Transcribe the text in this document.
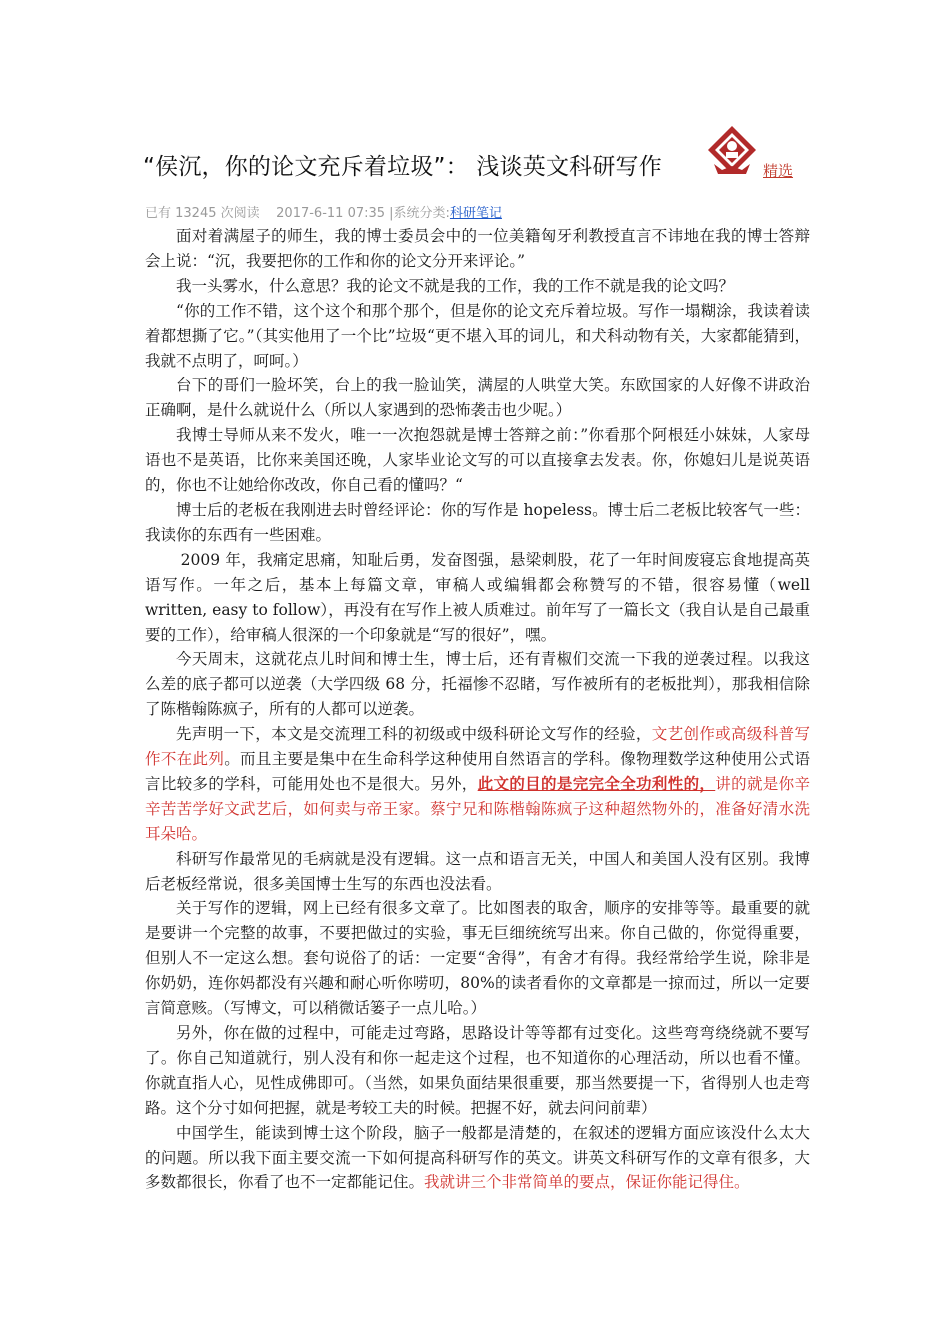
“侯沉，你的论文充斥着垃圾”： 浅谈英文科研写作	精选
已有 13245 次阅读 2017-6-11 07:35 |系统分类:科研笔记

面对着满屋子的师生，我的博士委员会中的一位美籍匈牙利教授直言不讳地在我的博士答辩会上说：“沉，我要把你的工作和你的论文分开来评论。”

我一头雾水，什么意思？我的论文不就是我的工作，我的工作不就是我的论文吗？

“你的工作不错，这个这个和那个那个，但是你的论文充斥着垃圾。写作一塌糊涂，我读着读着都想撕了它。”（其实他用了一个比”垃圾“更不堪入耳的词儿，和犬科动物有关，大家都能猜到，我就不点明了，呵呵。）

台下的哥们一脸坏笑，台上的我一脸讪笑，满屋的人哄堂大笑。东欧国家的人好像不讲政治正确啊，是什么就说什么（所以人家遇到的恐怖袭击也少呢。）

我博士导师从来不发火，唯一一次抱怨就是博士答辩之前：”你看那个阿根廷小妹妹，人家母语也不是英语，比你来美国还晚，人家毕业论文写的可以直接拿去发表。你，你媳妇儿是说英语的，你也不让她给你改改，你自己看的懂吗？“

博士后的老板在我刚进去时曾经评论：你的写作是 hopeless。博士后二老板比较客气一些：我读你的东西有一些困难。

2009 年，我痛定思痛，知耻后勇，发奋图强，悬梁刺股，花了一年时间废寝忘食地提高英语写作。一年之后，基本上每篇文章，审稿人或编辑都会称赞写的不错，很容易懂（well written, easy to follow），再没有在写作上被人质难过。前年写了一篇长文（我自认是自己最重要的工作），给审稿人很深的一个印象就是“写的很好”，嘿。

今天周末，这就花点儿时间和博士生，博士后，还有青椒们交流一下我的逆袭过程。以我这么差的底子都可以逆袭（大学四级 68 分，托福惨不忍睹，写作被所有的老板批判），那我相信除了陈楷翰陈疯子，所有的人都可以逆袭。

先声明一下，本文是交流理工科的初级或中级科研论文写作的经验，文艺创作或高级科普写作不在此列。而且主要是集中在生命科学这种使用自然语言的学科。像物理数学这种使用公式语言比较多的学科，可能用处也不是很大。另外，此文的目的是完完全全功利性的，讲的就是你辛辛苦苦学好文武艺后，如何卖与帝王家。蔡宁兄和陈楷翰陈疯子这种超然物外的，准备好清水洗耳朵哈。

科研写作最常见的毛病就是没有逻辑。这一点和语言无关，中国人和美国人没有区别。我博后老板经常说，很多美国博士生写的东西也没法看。

关于写作的逻辑，网上已经有很多文章了。比如图表的取舍，顺序的安排等等。最重要的就是要讲一个完整的故事，不要把做过的实验，事无巨细统统写出来。你自己做的，你觉得重要，但别人不一定这么想。套句说俗了的话：一定要“舍得”，有舍才有得。我经常给学生说，除非是你奶奶，连你妈都没有兴趣和耐心听你唠叨，80%的读者看你的文章都是一掠而过，所以一定要言简意赅。（写博文，可以稍微话篓子一点儿哈。）

另外，你在做的过程中，可能走过弯路，思路设计等等都有过变化。这些弯弯绕绕就不要写了。你自己知道就行，别人没有和你一起走这个过程，也不知道你的心理活动，所以也看不懂。你就直指人心，见性成佛即可。（当然，如果负面结果很重要，那当然要提一下，省得别人也走弯路。这个分寸如何把握，就是考较工夫的时候。把握不好，就去问问前辈）

中国学生，能读到博士这个阶段，脑子一般都是清楚的，在叙述的逻辑方面应该没什么太大的问题。所以我下面主要交流一下如何提高科研写作的英文。讲英文科研写作的文章有很多，大多数都很长，你看了也不一定都能记住。我就讲三个非常简单的要点，保证你能记得住。
